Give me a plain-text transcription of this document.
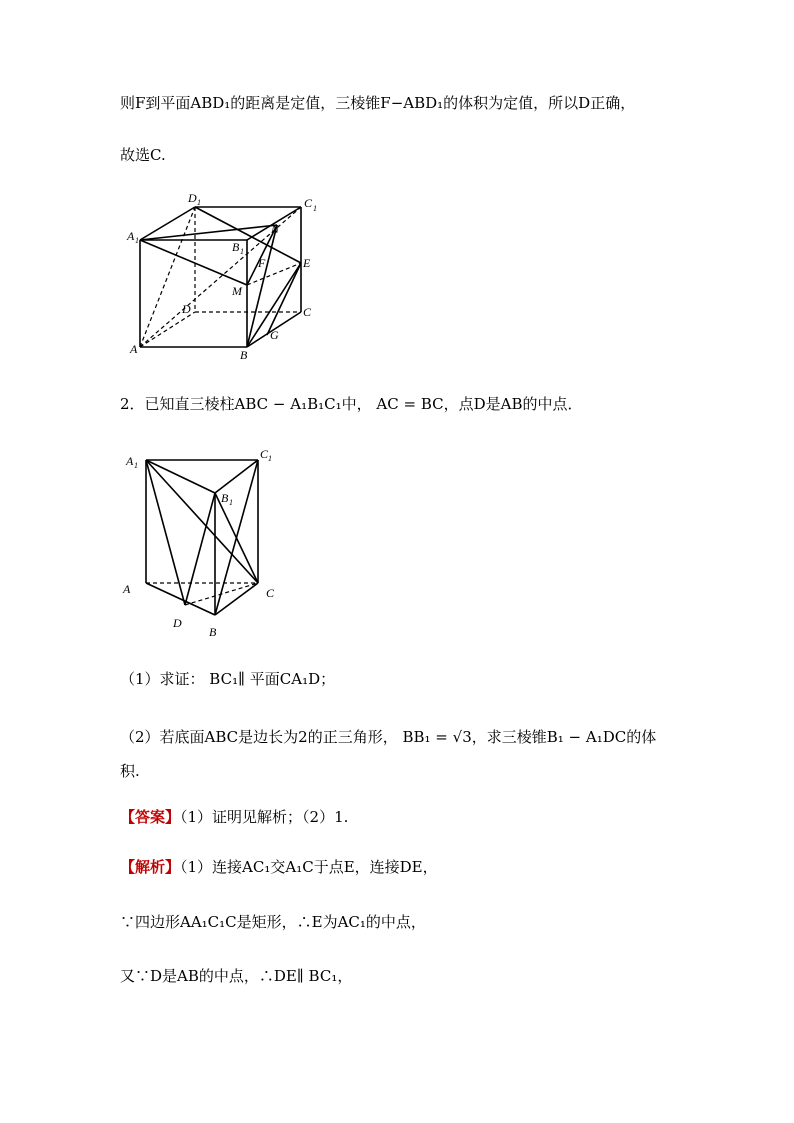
则F到平面ABD₁的距离是定值，三棱锥F−ABD₁的体积为定值，所以D正确，
故选C.
D 1	C 1
A 1	B 1
N
F	E
M
D	C
A	B
G
2．已知直三棱柱ABC − A₁B₁C₁中， AC = BC，点D是AB的中点．
A 1
C 1
B 1
A	C
D
B
（1）求证： BC₁∥ 平面CA₁D；
（2）若底面ABC是边长为2的正三角形， BB₁ = √3，求三棱锥B₁ − A₁DC的体
积.
【答案】（1）证明见解析；（2）1.
【解析】（1）连接AC₁交A₁C于点E，连接DE，
∵四边形AA₁C₁C是矩形，∴E为AC₁的中点，
又∵D是AB的中点，∴DE∥ BC₁，
